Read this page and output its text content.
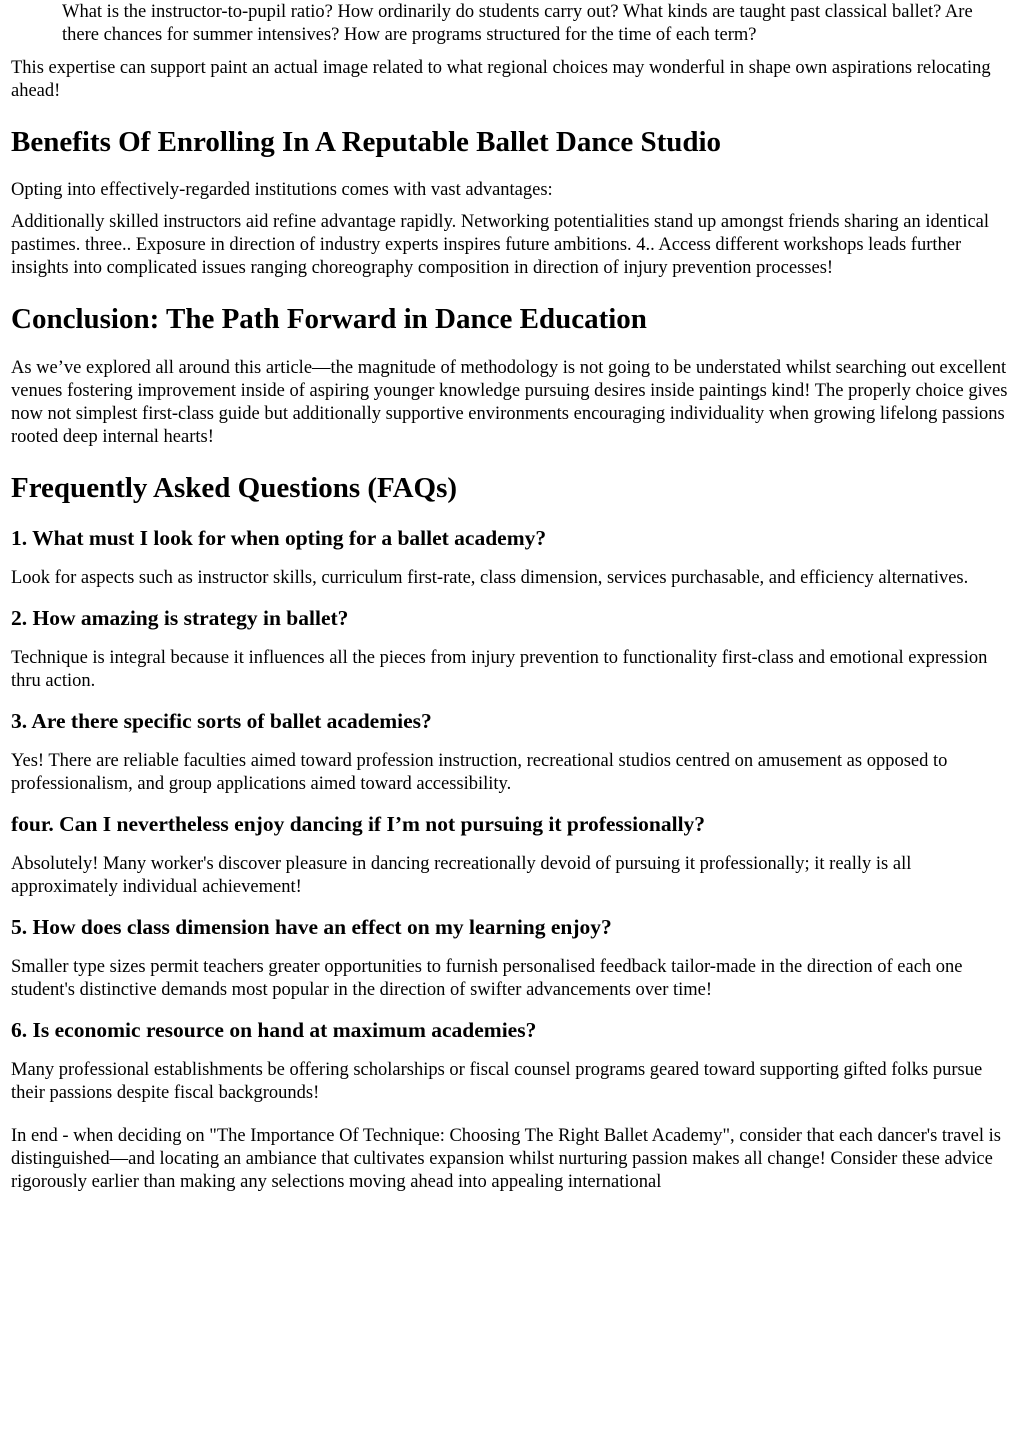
What is the instructor-to-pupil ratio? How ordinarily do students carry out? What kinds are taught past classical ballet? Are there chances for summer intensives? How are programs structured for the time of each term?

This expertise can support paint an actual image related to what regional choices may wonderful in shape own aspirations relocating ahead!

Benefits Of Enrolling In A Reputable Ballet Dance Studio

Opting into effectively-regarded institutions comes with vast advantages:

Additionally skilled instructors aid refine advantage rapidly. Networking potentialities stand up amongst friends sharing an identical pastimes. three.. Exposure in direction of industry experts inspires future ambitions. 4.. Access different workshops leads further insights into complicated issues ranging choreography composition in direction of injury prevention processes!

Conclusion: The Path Forward in Dance Education

As we’ve explored all around this article—the magnitude of methodology is not going to be understated whilst searching out excellent venues fostering improvement inside of aspiring younger knowledge pursuing desires inside paintings kind! The properly choice gives now not simplest first-class guide but additionally supportive environments encouraging individuality when growing lifelong passions rooted deep internal hearts!

Frequently Asked Questions (FAQs)
1. What must I look for when opting for a ballet academy?

Look for aspects such as instructor skills, curriculum first-rate, class dimension, services purchasable, and efficiency alternatives.

2. How amazing is strategy in ballet?

Technique is integral because it influences all the pieces from injury prevention to functionality first-class and emotional expression thru action.

3. Are there specific sorts of ballet academies?

Yes! There are reliable faculties aimed toward profession instruction, recreational studios centred on amusement as opposed to professionalism, and group applications aimed toward accessibility.

four. Can I nevertheless enjoy dancing if I’m not pursuing it professionally?

Absolutely! Many worker's discover pleasure in dancing recreationally devoid of pursuing it professionally; it really is all approximately individual achievement!

5. How does class dimension have an effect on my learning enjoy?

Smaller type sizes permit teachers greater opportunities to furnish personalised feedback tailor-made in the direction of each one student's distinctive demands most popular in the direction of swifter advancements over time!

6. Is economic resource on hand at maximum academies?

Many professional establishments be offering scholarships or fiscal counsel programs geared toward supporting gifted folks pursue their passions despite fiscal backgrounds!

In end - when deciding on "The Importance Of Technique: Choosing The Right Ballet Academy", consider that each dancer's travel is distinguished—and locating an ambiance that cultivates expansion whilst nurturing passion makes all change! Consider these advice rigorously earlier than making any selections moving ahead into appealing international
